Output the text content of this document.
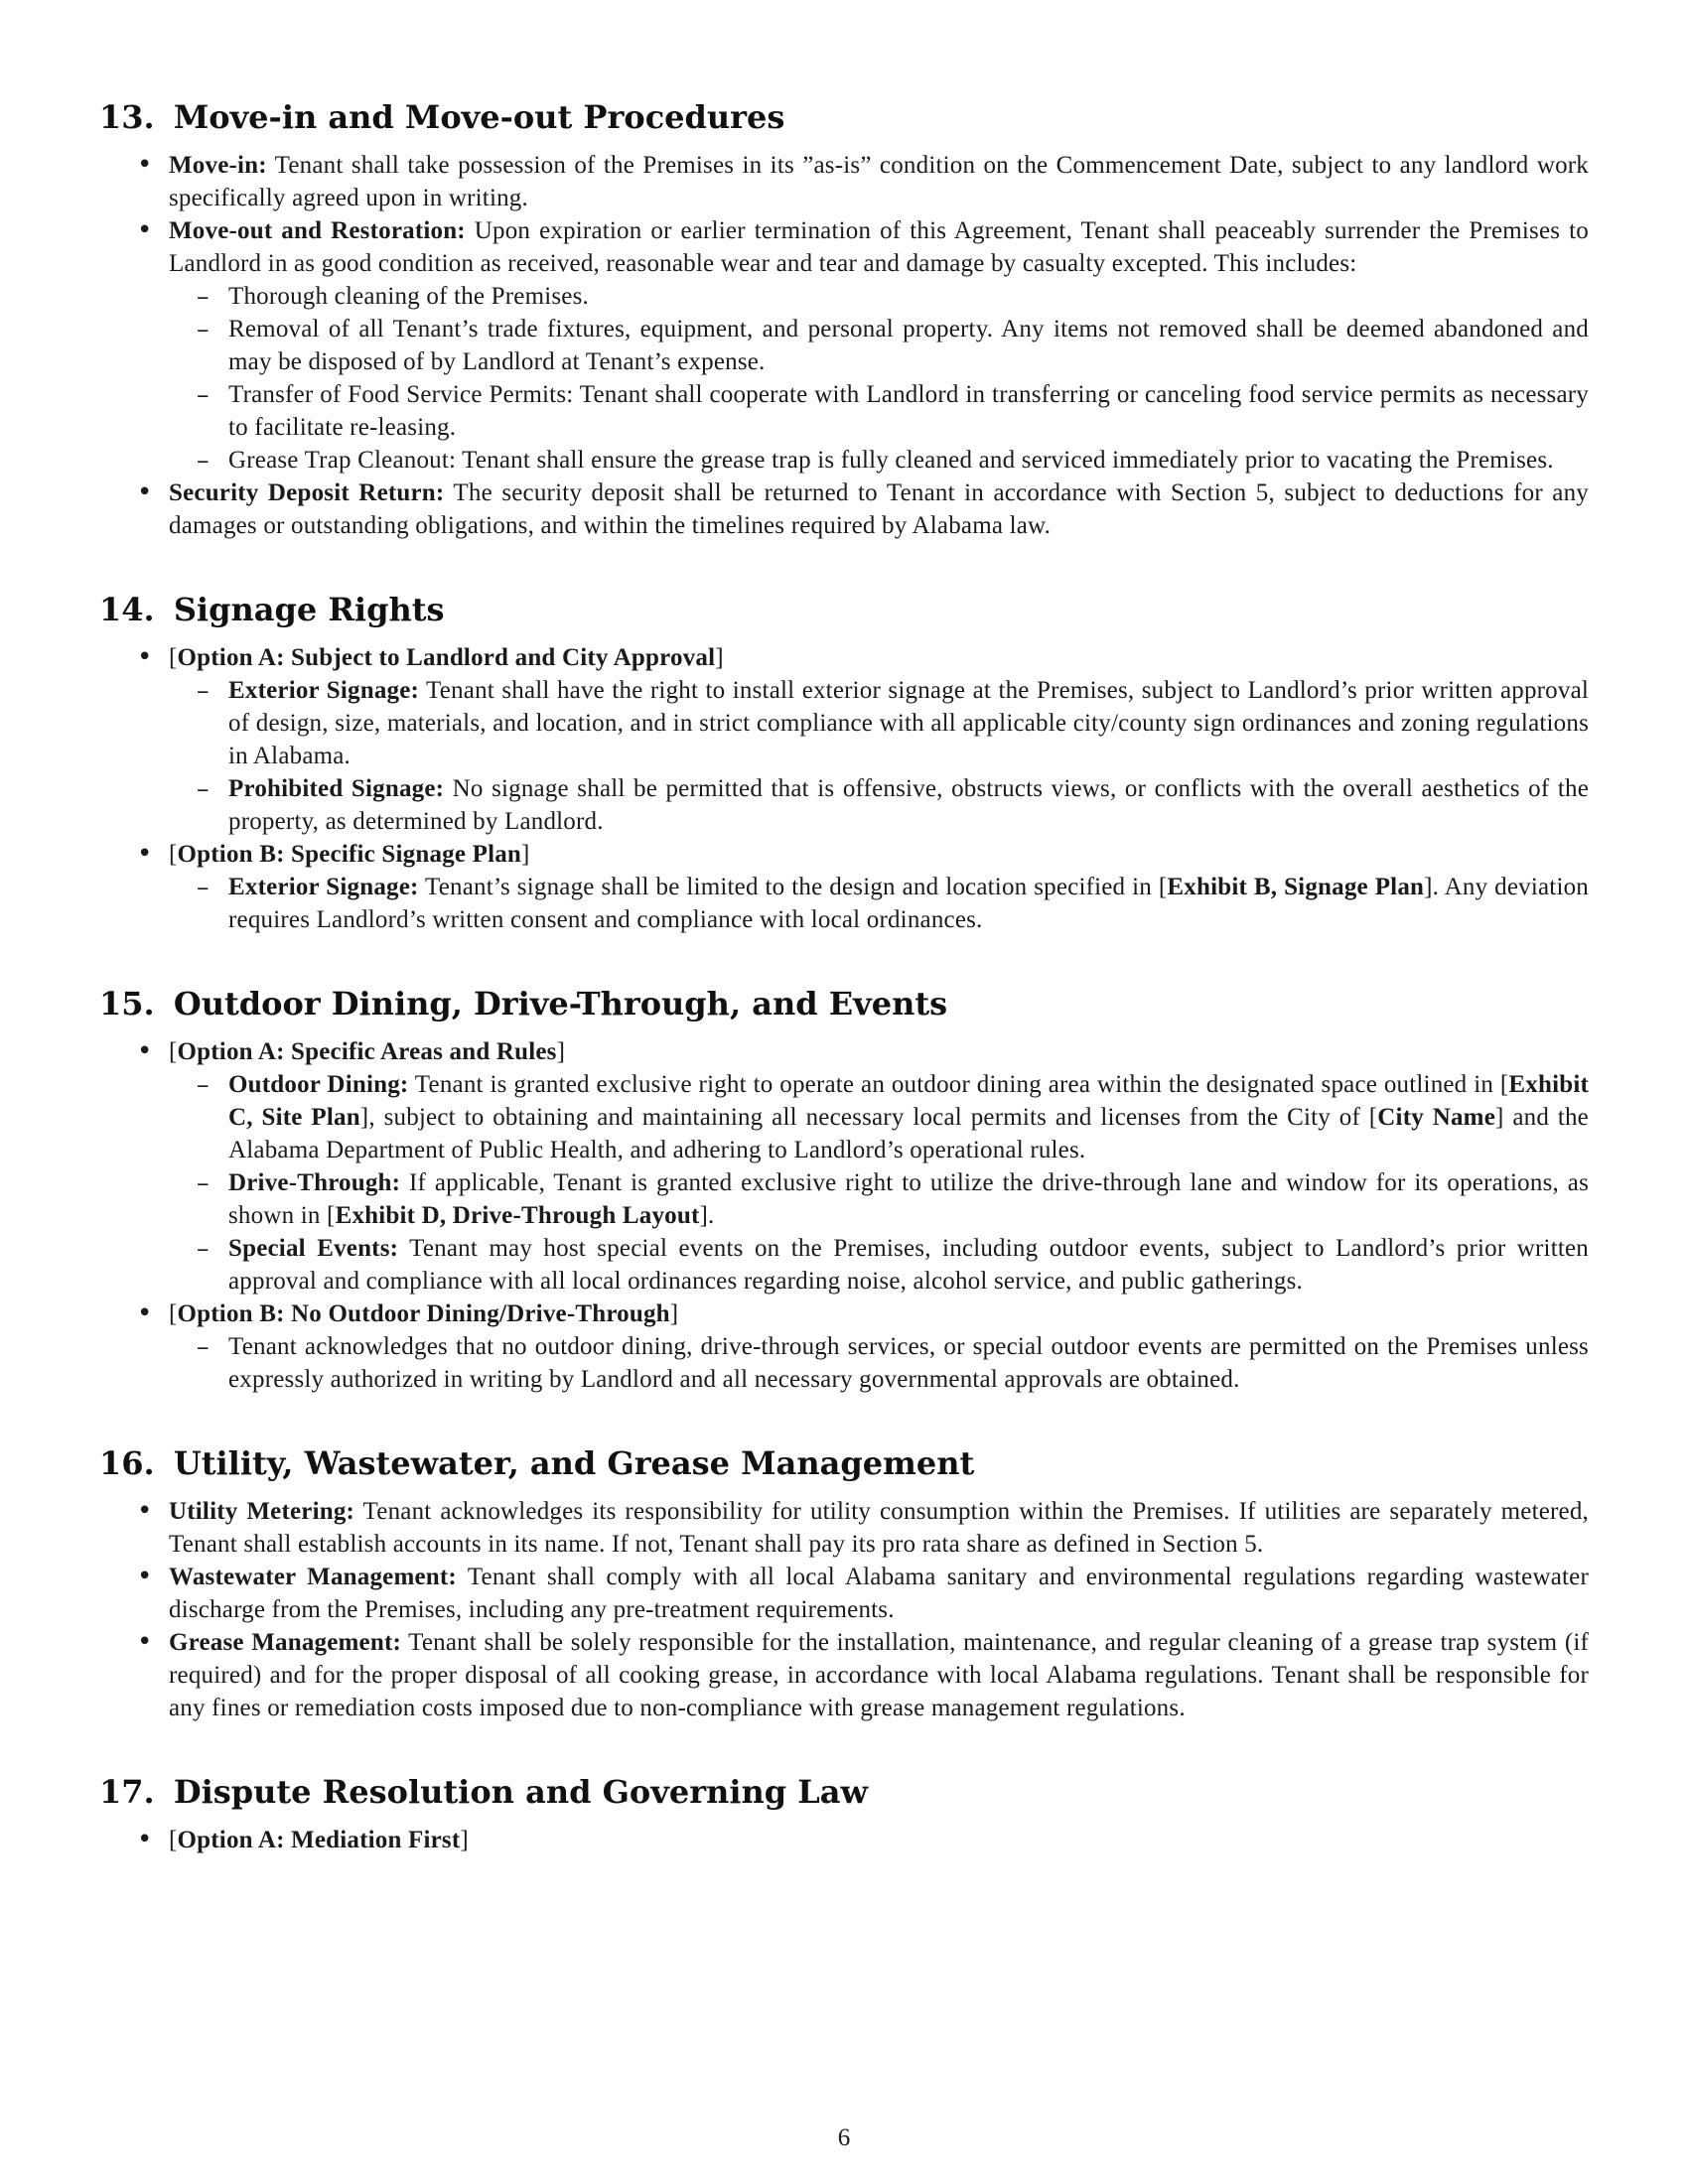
13. Move-in and Move-out Procedures

• Move-in: Tenant shall take possession of the Premises in its ”as-is” condition on the Commencement Date, subject to any landlord work specifically agreed upon in writing.

• Move-out and Restoration: Upon expiration or earlier termination of this Agreement, Tenant shall peaceably surrender the Premises to Landlord in as good condition as received, reasonable wear and tear and damage by casualty excepted. This includes:

– Thorough cleaning of the Premises.

– Removal of all Tenant’s trade fixtures, equipment, and personal property. Any items not removed shall be deemed abandoned and may be disposed of by Landlord at Tenant’s expense.

– Transfer of Food Service Permits: Tenant shall cooperate with Landlord in transferring or canceling food service permits as necessary to facilitate re-leasing.

– Grease Trap Cleanout: Tenant shall ensure the grease trap is fully cleaned and serviced immediately prior to vacating the Premises.

• Security Deposit Return: The security deposit shall be returned to Tenant in accordance with Section 5, subject to deductions for any damages or outstanding obligations, and within the timelines required by Alabama law.

14. Signage Rights

• [Option A: Subject to Landlord and City Approval]

– Exterior Signage: Tenant shall have the right to install exterior signage at the Premises, subject to Landlord’s prior written approval of design, size, materials, and location, and in strict compliance with all applicable city/county sign ordinances and zoning regulations in Alabama.

– Prohibited Signage: No signage shall be permitted that is offensive, obstructs views, or conflicts with the overall aesthetics of the property, as determined by Landlord.

• [Option B: Specific Signage Plan]

– Exterior Signage: Tenant’s signage shall be limited to the design and location specified in [Exhibit B, Signage Plan]. Any deviation requires Landlord’s written consent and compliance with local ordinances.

15. Outdoor Dining, Drive-Through, and Events

• [Option A: Specific Areas and Rules]

– Outdoor Dining: Tenant is granted exclusive right to operate an outdoor dining area within the designated space outlined in [Exhibit C, Site Plan], subject to obtaining and maintaining all necessary local permits and licenses from the City of [City Name] and the Alabama Department of Public Health, and adhering to Landlord’s operational rules.

– Drive-Through: If applicable, Tenant is granted exclusive right to utilize the drive-through lane and window for its operations, as shown in [Exhibit D, Drive-Through Layout].

– Special Events: Tenant may host special events on the Premises, including outdoor events, subject to Landlord’s prior written approval and compliance with all local ordinances regarding noise, alcohol service, and public gatherings.

• [Option B: No Outdoor Dining/Drive-Through]

– Tenant acknowledges that no outdoor dining, drive-through services, or special outdoor events are permitted on the Premises unless expressly authorized in writing by Landlord and all necessary governmental approvals are obtained.

16. Utility, Wastewater, and Grease Management

• Utility Metering: Tenant acknowledges its responsibility for utility consumption within the Premises. If utilities are separately metered, Tenant shall establish accounts in its name. If not, Tenant shall pay its pro rata share as defined in Section 5.

• Wastewater Management: Tenant shall comply with all local Alabama sanitary and environmental regulations regarding wastewater discharge from the Premises, including any pre-treatment requirements.

• Grease Management: Tenant shall be solely responsible for the installation, maintenance, and regular cleaning of a grease trap system (if required) and for the proper disposal of all cooking grease, in accordance with local Alabama regulations. Tenant shall be responsible for any fines or remediation costs imposed due to non-compliance with grease management regulations.

17. Dispute Resolution and Governing Law

• [Option A: Mediation First]

6
